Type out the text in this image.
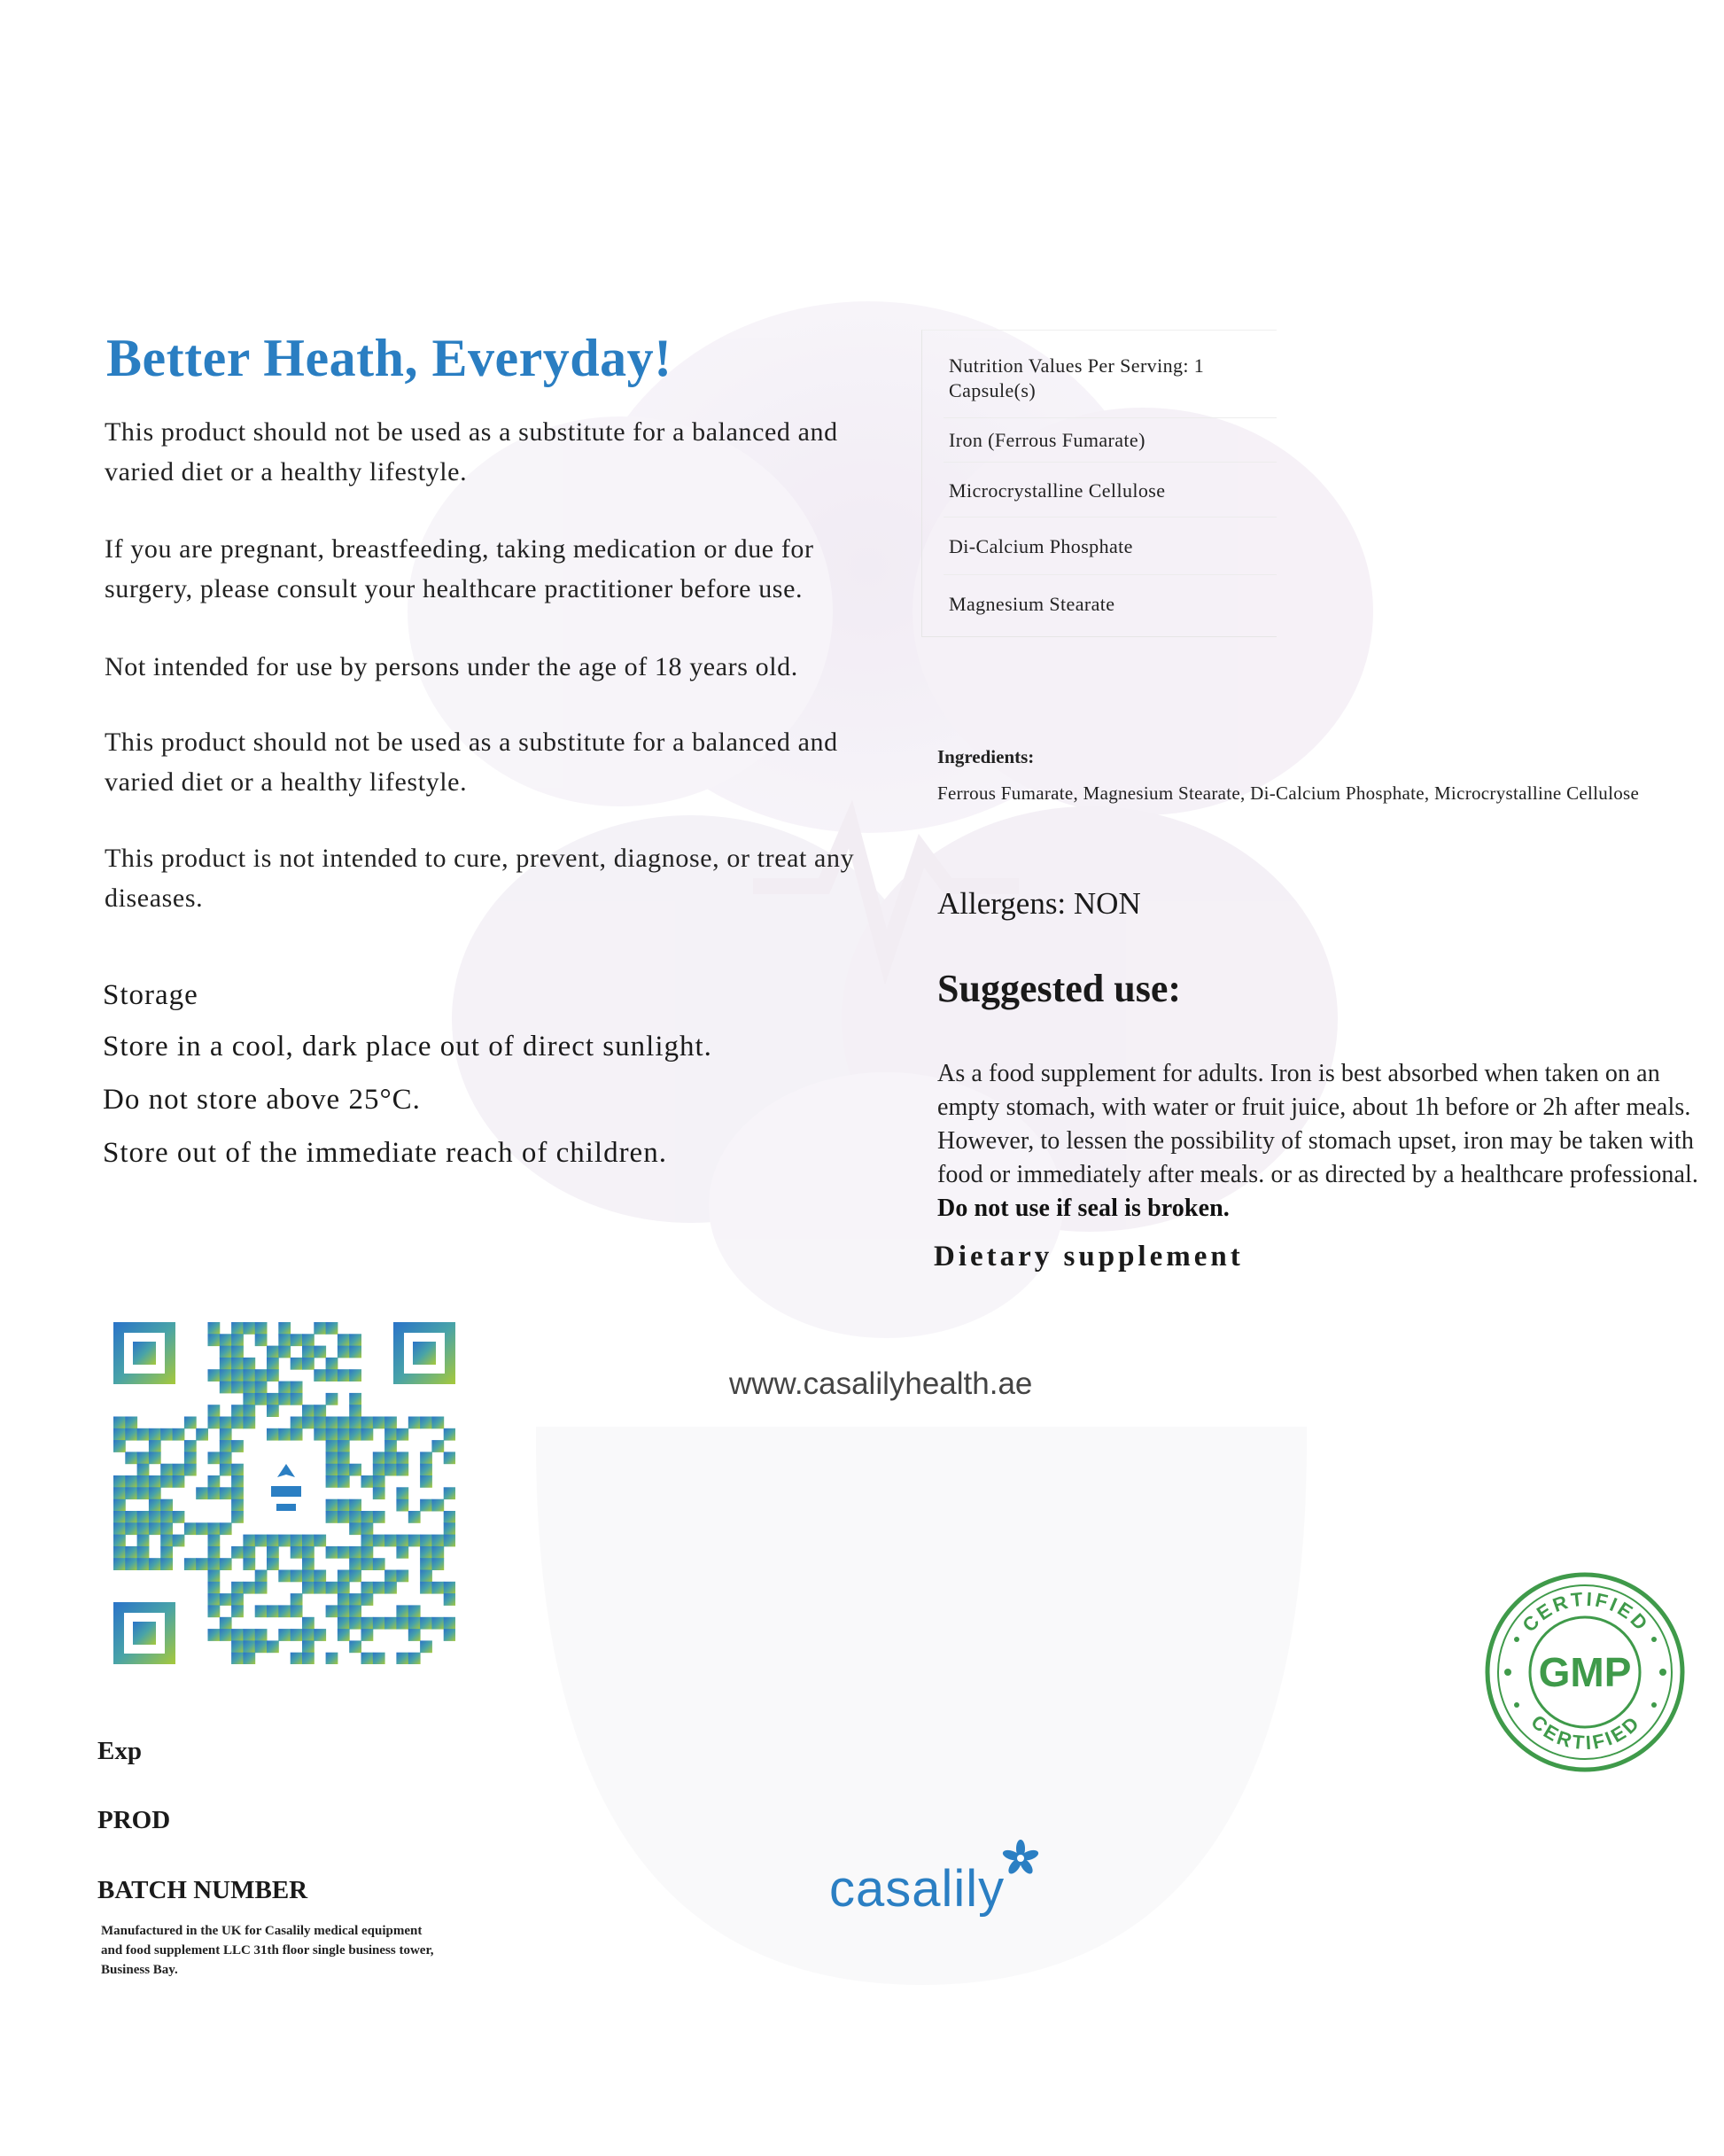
Better Heath, Everyday!
This product should not be used as a substitute for a balanced and varied diet or a healthy lifestyle.
If you are pregnant, breastfeeding, taking medication or due for surgery, please consult your healthcare practitioner before use.
Not intended for use by persons under the age of 18 years old.
This product should not be used as a substitute for a balanced and varied diet or a healthy lifestyle.
This product is not intended to cure, prevent, diagnose, or treat any diseases.
Storage
Store in a cool, dark place out of direct sunlight.
Do not store above 25°C.
Store out of the immediate reach of children.
Nutrition Values Per Serving: 1 Capsule(s)
Iron (Ferrous Fumarate)
Microcrystalline Cellulose
Di-Calcium Phosphate
Magnesium Stearate
Ingredients:
Ferrous Fumarate, Magnesium Stearate, Di-Calcium Phosphate, Microcrystalline Cellulose
Allergens: NON
Suggested use:
As a food supplement for adults. Iron is best absorbed when taken on an empty stomach, with water or fruit juice, about 1h before or 2h after meals. However, to lessen the possibility of stomach upset, iron may be taken with food or immediately after meals. or as directed by a healthcare professional. Do not use if seal is broken.
Dietary supplement
www.casalilyhealth.ae
Exp
PROD
BATCH NUMBER
Manufactured in the UK for Casalily medical equipment and food supplement LLC 31th floor single business tower, Business Bay.
casalily
CERTIFIED
CERTIFIED
GMP
